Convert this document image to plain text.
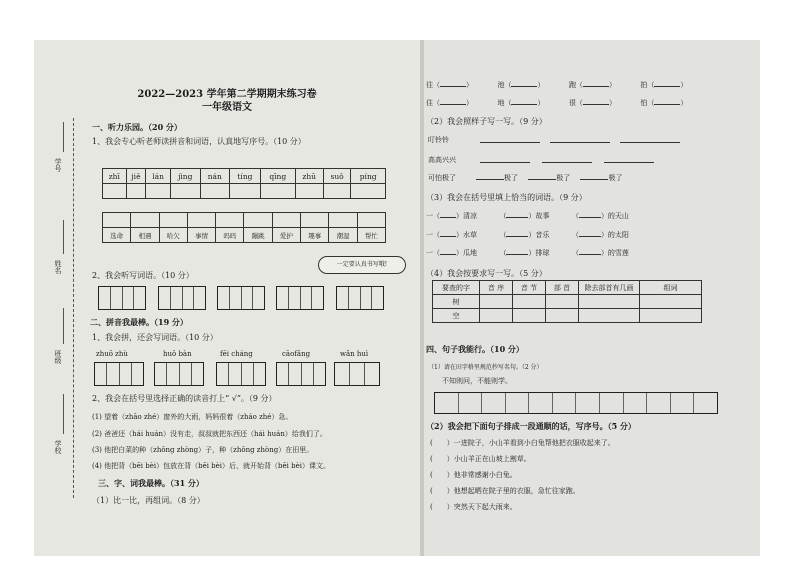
2022—2023 学年第二学期期末练习卷
一年级语文
学号
姓名
班级
学校
一、听力乐园。（20 分）
1、我会专心听老师读拼音和词语，认真地写序号。（10 分）
zhī	jiě	lán	jìng	nán	tíng	qīng	zhū	suǒ	píng

选命	相遇	哈欠	事情	吗吗	蹦跳	爱护	趣事	潮湿	帮忙
一定要认真书写哦!
2、我会听写词语。（10 分）
二、拼音我最棒。（19 分）
1、我会拼，还会写词语。（10 分）
zhuō zhù	huǒ bàn	fēi cháng	cāofǎng	wǎn huì
2、我会在括号里选择正确的读音打上“ √”。（9 分）
(1) 望着（zhāo zhé）窗外的大雨，妈妈很着（zháo zhé）急。
(2) 爸爸还（hái huán）没有走，叔叔就把东西还（hái huán）给我们了。
(3) 他把白菜的种（zhǒng zhòng）子，种（zhǒng zhòng）在田里。
(4) 他把背（bēi bèi）包放在背（bēi bèi）后，就开始背（bēi bèi）课文。
三、字、词我最棒。（31 分）
（1）比一比，再组词。（8 分）
往（	）	池（	）	跑（	）	拍（	）
住（	）	地（	）	很（	）	怕（	）
（2）我会照样子写一写。（9 分）
叮铃铃
高高兴兴
可怕极了	极了	极了	极了
（3）我会在括号里填上恰当的词语。（9 分）
一（ ）清凉	（	）故事	（	）的天山
一（ ）水草	（	）音乐	（	）的太阳
一（ ）瓜地	（	）排球	（	）的雪莲
（4）我会按要求写一写。（5 分）
要查的字	音 序	音 节	部 首	除去部首有几画	组词
树					
空					
四、句子我能行。（10 分）
（1）请在田字格里规范抄写名句。（2 分）
不知则问，不能则学。
（2）我会把下面句子排成一段通顺的话，写序号。（5 分）
( ）一进院子，小山羊看到小白兔帮他把衣服收起来了。
( ）小山羊正在山坡上割草。
( ）他非常感谢小白兔。
( ）他想起晒在院子里的衣服，急忙往家跑。
( ）突然天下起大雨来。
